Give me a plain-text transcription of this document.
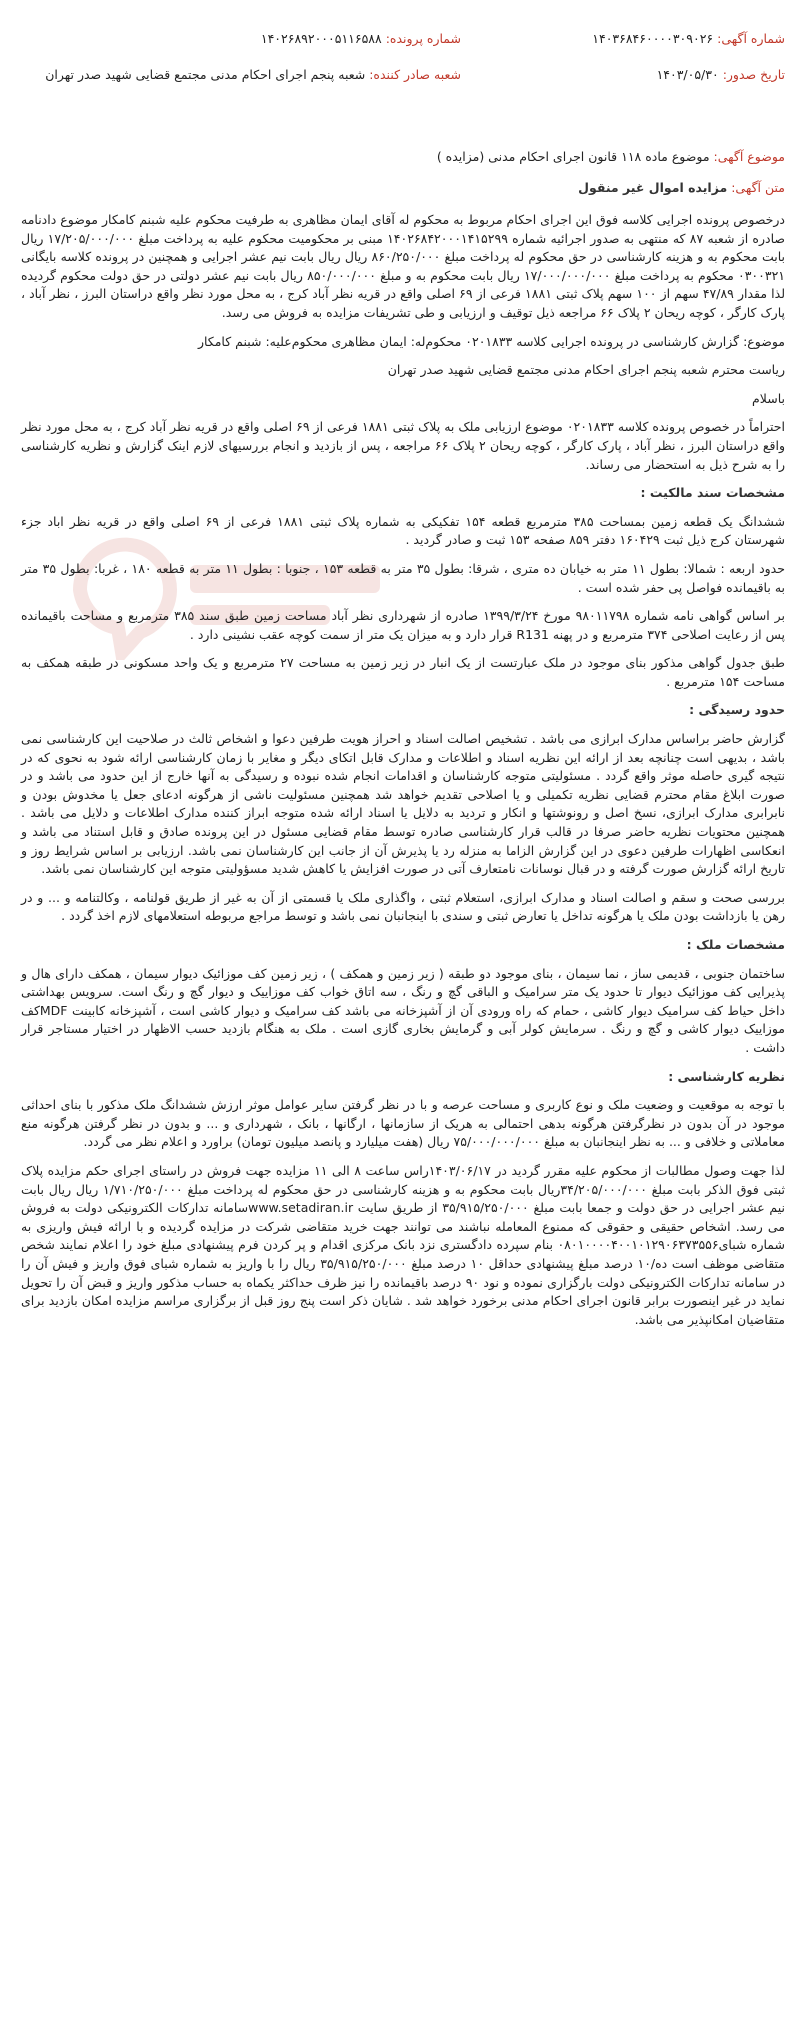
شماره آگهی: ۱۴۰۳۶۸۴۶۰۰۰۰۳۰۹۰۲۶
تاریخ صدور: ۱۴۰۳/۰۵/۳۰
شماره پرونده: ۱۴۰۲۶۸۹۲۰۰۰۵۱۱۶۵۸۸
شعبه صادر کننده: شعبه پنجم اجرای احکام مدنی مجتمع قضایی شهید صدر تهران
موضوع آگهی: موضوع ماده ۱۱۸ قانون اجرای احکام مدنی (مزایده )
متن آگهی: مزایده اموال غیر منقول

درخصوص پرونده اجرایی کلاسه فوق این اجرای احکام مربوط به محکوم له آقای ایمان مظاهری به طرفیت محکوم علیه شبنم کامکار موضوع دادنامه صادره از شعبه ۸۷ که منتهی به صدور اجرائیه شماره ۱۴۰۲۶۸۴۲۰۰۰۱۴۱۵۲۹۹ مبنی بر محکومیت محکوم علیه به پرداخت مبلغ ۱۷/۲۰۵/۰۰۰/۰۰۰ ریال بابت محکوم به و هزینه کارشناسی در حق محکوم له پرداخت مبلغ ۸۶۰/۲۵۰/۰۰۰ ریال ریال بابت نیم عشر اجرایی و همچنین در پرونده کلاسه بایگانی ۰۳۰۰۳۲۱ محکوم به پرداخت مبلغ ۱۷/۰۰۰/۰۰۰/۰۰۰ ریال بابت محکوم به و مبلغ ۸۵۰/۰۰۰/۰۰۰ ریال بابت نیم عشر دولتی در حق دولت محکوم گردیده لذا مقدار ۴۷/۸۹ سهم از ۱۰۰ سهم پلاک ثبتی ۱۸۸۱ فرعی از ۶۹ اصلی واقع در قریه نظر آباد کرج ، به محل مورد نظر واقع دراستان البرز ، نظر آباد ، پارک کارگر ، کوچه ریحان ۲ پلاک ۶۶ مراجعه ذیل توقیف و ارزیابی و طی تشریفات مزایده به فروش می رسد.

موضوع: گزارش کارشناسی در پرونده اجرایی کلاسه ۰۲۰۱۸۳۳ محکوم‌له: ایمان مظاهری محکوم‌علیه: شبنم کامکار

ریاست محترم شعبه پنجم اجرای احکام مدنی مجتمع قضایی شهید صدر تهران

باسلام

احتراماً در خصوص پرونده کلاسه ۰۲۰۱۸۳۳ موضوع ارزیابی ملک به پلاک ثبتی ۱۸۸۱ فرعی از ۶۹ اصلی واقع در قریه نظر آباد کرج ، به محل مورد نظر واقع دراستان البرز ، نظر آباد ، پارک کارگر ، کوچه ریحان ۲ پلاک ۶۶ مراجعه ، پس از بازدید و انجام بررسیهای لازم اینک گزارش و نظریه کارشناسی را به شرح ذیل به استحضار می رساند.

مشخصات سند مالکیت :

ششدانگ یک قطعه زمین بمساحت ۳۸۵ مترمربع قطعه ۱۵۴ تفکیکی به شماره پلاک ثبتی ۱۸۸۱ فرعی از ۶۹ اصلی واقع در قریه نظر اباد جزء شهرستان کرج ذیل ثبت ۱۶۰۴۲۹ دفتر ۸۵۹ صفحه ۱۵۳ ثبت و صادر گردید .

حدود اربعه : شمالا: بطول ۱۱ متر به خیابان ده متری ، شرقا: بطول ۳۵ متر به قطعه ۱۵۳ ، جنوبا : بطول ۱۱ متر به قطعه ۱۸۰ ، غربا: بطول ۳۵ متر به باقیمانده فواصل پی حفر شده است .

بر اساس گواهی نامه شماره ۹۸۰۱۱۷۹۸ مورخ ۱۳۹۹/۳/۲۴ صادره از شهرداری نظر آباد مساحت زمین طبق سند ۳۸۵ مترمربع و مساحت باقیمانده پس از رعایت اصلاحی ۳۷۴ مترمربع و در پهنه R131 قرار دارد و به میزان یک متر از سمت کوچه عقب نشینی دارد .

طبق جدول گواهی مذکور بنای موجود در ملک عبارتست از یک انبار در زیر زمین به مساحت ۲۷ مترمربع و یک واحد مسکونی در طبقه همکف به مساحت ۱۵۴ مترمربع .

حدود رسیدگی :

گزارش حاضر براساس مدارک ابرازی می باشد . تشخیص اصالت اسناد و احراز هویت طرفین دعوا و اشخاص ثالث در صلاحیت این کارشناسی نمی باشد ، بدیهی است چنانچه بعد از ارائه این نظریه اسناد و اطلاعات و مدارک قابل اتکای دیگر و مغایر با زمان کارشناسی ارائه شود به نحوی که در نتیجه گیری حاصله موثر واقع گردد . مسئولیتی متوجه کارشناسان و اقدامات انجام شده نبوده و رسیدگی به آنها خارج از این حدود می باشد و در صورت ابلاغ مقام محترم قضایی نظریه تکمیلی و یا اصلاحی تقدیم خواهد شد همچنین مسئولیت ناشی از هرگونه ادعای جعل یا مخدوش بودن و نابرابری مدارک ابرازی، نسخ اصل و رونوشتها و انکار و تردید به دلایل یا اسناد ارائه شده متوجه ابراز کننده مدارک اطلاعات و دلایل می باشد . همچنین محتویات نظریه حاضر صرفا در قالب قرار کارشناسی صادره توسط مقام قضایی مسئول در این پرونده صادق و قابل استناد می باشد و انعکاسی اظهارات طرفین دعوی در این گزارش الزاما به منزله رد یا پذیرش آن از جانب این کارشناسان نمی باشد. ارزیابی بر اساس شرایط روز و تاریخ ارائه گزارش صورت گرفته و در قبال نوسانات نامتعارف آتی در صورت افزایش یا کاهش شدید مسؤولیتی متوجه این کارشناسان نمی باشد.

بررسی صحت و سقم و اصالت اسناد و مدارک ابرازی، استعلام ثبتی ، واگذاری ملک یا قسمتی از آن به غیر از طریق قولنامه ، وکالتنامه و ... و در رهن یا بازداشت بودن ملک یا هرگونه تداخل یا تعارض ثبتی و سندی با اینجانبان نمی باشد و توسط مراجع مربوطه استعلامهای لازم اخذ گردد .

مشخصات ملک :

ساختمان جنوبی ، قدیمی ساز ، نما سیمان ، بنای موجود دو طبقه ( زیر زمین و همکف ) ، زیر زمین کف موزائیک دیوار سیمان ، همکف دارای هال و پذیرایی کف موزائیک دیوار تا حدود یک متر سرامیک و الباقی گچ و رنگ ، سه اتاق خواب کف موزاییک و دیوار گچ و رنگ است. سرویس بهداشتی داخل حیاط کف سرامیک دیوار کاشی ، حمام که راه ورودی آن از آشپزخانه می باشد کف سرامیک و دیوار کاشی است ، آشپزخانه کابینت MDFکف موزاییک دیوار کاشی و گچ و رنگ . سرمایش کولر آبی و گرمایش بخاری گازی است . ملک به هنگام بازدید حسب الاظهار در اختیار مستاجر قرار داشت .

نظریه کارشناسی :

با توجه به موقعیت و وضعیت ملک و نوع کاربری و مساحت عرصه و با در نظر گرفتن سایر عوامل موثر ارزش ششدانگ ملک مذکور با بنای احداثی موجود در آن بدون در نظرگرفتن هرگونه بدهی احتمالی به هریک از سازمانها ، ارگانها ، بانک ، شهرداری و ... و بدون در نظر گرفتن هرگونه منع معاملاتی و خلافی و ... به نظر اینجانبان به مبلغ ۷۵/۰۰۰/۰۰۰/۰۰۰ ریال (هفت میلیارد و پانصد میلیون تومان) براورد و اعلام نظر می گردد.

لذا جهت وصول مطالبات از محکوم علیه مقرر گردید در ۱۴۰۳/۰۶/۱۷راس ساعت ۸ الی ۱۱ مزایده جهت فروش در راستای اجرای حکم مزایده پلاک ثبتی فوق الذکر بابت مبلغ ۳۴/۲۰۵/۰۰۰/۰۰۰ریال بابت محکوم به و هزینه کارشناسی در حق محکوم له پرداخت مبلغ ۱/۷۱۰/۲۵۰/۰۰۰ ریال ریال بابت نیم عشر اجرایی در حق دولت و جمعا بابت مبلغ ۳۵/۹۱۵/۲۵۰/۰۰۰ از طریق سایت www.setadiran.irسامانه تدارکات الکترونیکی دولت به فروش می رسد. اشخاص حقیقی و حقوقی که ممنوع المعامله نباشند می توانند جهت خرید متقاضی شرکت در مزایده گردیده و با ارائه فیش واریزی به شماره شبای۰۸۰۱۰۰۰۰۴۰۰۱۰۱۲۹۰۶۳۷۳۵۵۶ بنام سپرده دادگستری نزد بانک مرکزی اقدام و پر کردن فرم پیشنهادی مبلغ خود را اعلام نمایند شخص متقاضی موظف است ده/۱۰ درصد مبلغ پیشنهادی حداقل ۱۰ درصد مبلغ ۳۵/۹۱۵/۲۵۰/۰۰۰ ریال را با واریز به شماره شبای فوق واریز و فیش آن را در سامانه تدارکات الکترونیکی دولت بارگزاری نموده و نود ۹۰ درصد باقیمانده را نیز ظرف حداکثر یکماه به حساب مذکور واریز و قبض آن را تحویل نماید در غیر اینصورت برابر قانون اجرای احکام مدنی برخورد خواهد شد . شایان ذکر است پنج روز قبل از برگزاری مراسم مزایده امکان بازدید برای متقاضیان امکانپذیر می باشد.
